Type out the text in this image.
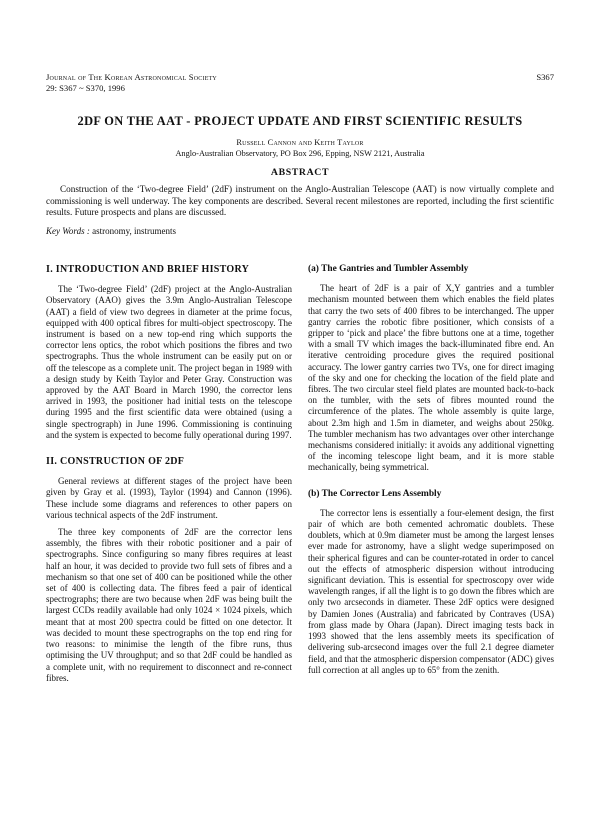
Journal of The Korean Astronomical Society
29: S367 ~ S370, 1996
S367
2DF ON THE AAT - PROJECT UPDATE AND FIRST SCIENTIFIC RESULTS
Russell Cannon and Keith Taylor
Anglo-Australian Observatory, PO Box 296, Epping, NSW 2121, Australia
ABSTRACT

Construction of the ‘Two-degree Field’ (2dF) instrument on the Anglo-Australian Telescope (AAT) is now virtually complete and commissioning is well underway. The key components are described. Several recent milestones are reported, including the first scientific results. Future prospects and plans are discussed.

Key Words : astronomy, instruments
I. INTRODUCTION AND BRIEF HISTORY

The ‘Two-degree Field’ (2dF) project at the Anglo-Australian Observatory (AAO) gives the 3.9m Anglo-Australian Telescope (AAT) a field of view two degrees in diameter at the prime focus, equipped with 400 optical fibres for multi-object spectroscopy. The instrument is based on a new top-end ring which supports the corrector lens optics, the robot which positions the fibres and two spectrographs. Thus the whole instrument can be easily put on or off the telescope as a complete unit. The project began in 1989 with a design study by Keith Taylor and Peter Gray. Construction was approved by the AAT Board in March 1990, the corrector lens arrived in 1993, the positioner had initial tests on the telescope during 1995 and the first scientific data were obtained (using a single spectrograph) in June 1996. Commissioning is continuing and the system is expected to become fully operational during 1997.

II. CONSTRUCTION OF 2DF

General reviews at different stages of the project have been given by Gray et al. (1993), Taylor (1994) and Cannon (1996). These include some diagrams and references to other papers on various technical aspects of the 2dF instrument.

The three key components of 2dF are the corrector lens assembly, the fibres with their robotic positioner and a pair of spectrographs. Since configuring so many fibres requires at least half an hour, it was decided to provide two full sets of fibres and a mechanism so that one set of 400 can be positioned while the other set of 400 is collecting data. The fibres feed a pair of identical spectrographs; there are two because when 2dF was being built the largest CCDs readily available had only 1024 × 1024 pixels, which meant that at most 200 spectra could be fitted on one detector. It was decided to mount these spectrographs on the top end ring for two reasons: to minimise the length of the fibre runs, thus optimising the UV throughput; and so that 2dF could be handled as a complete unit, with no requirement to disconnect and re-connect fibres.

(a) The Gantries and Tumbler Assembly

The heart of 2dF is a pair of X,Y gantries and a tumbler mechanism mounted between them which enables the field plates that carry the two sets of 400 fibres to be interchanged. The upper gantry carries the robotic fibre positioner, which consists of a gripper to ‘pick and place’ the fibre buttons one at a time, together with a small TV which images the back-illuminated fibre end. An iterative centroiding procedure gives the required positional accuracy. The lower gantry carries two TVs, one for direct imaging of the sky and one for checking the location of the field plate and fibres. The two circular steel field plates are mounted back-to-back on the tumbler, with the sets of fibres mounted round the circumference of the plates. The whole assembly is quite large, about 2.3m high and 1.5m in diameter, and weighs about 250kg. The tumbler mechanism has two advantages over other interchange mechanisms considered initially: it avoids any additional vignetting of the incoming telescope light beam, and it is more stable mechanically, being symmetrical.

(b) The Corrector Lens Assembly

The corrector lens is essentially a four-element design, the first pair of which are both cemented achromatic doublets. These doublets, which at 0.9m diameter must be among the largest lenses ever made for astronomy, have a slight wedge superimposed on their spherical figures and can be counter-rotated in order to cancel out the effects of atmospheric dispersion without introducing significant deviation. This is essential for spectroscopy over wide wavelength ranges, if all the light is to go down the fibres which are only two arcseconds in diameter. These 2dF optics were designed by Damien Jones (Australia) and fabricated by Contraves (USA) from glass made by Ohara (Japan). Direct imaging tests back in 1993 showed that the lens assembly meets its specification of delivering sub-arcsecond images over the full 2.1 degree diameter field, and that the atmospheric dispersion compensator (ADC) gives full correction at all angles up to 65° from the zenith.
